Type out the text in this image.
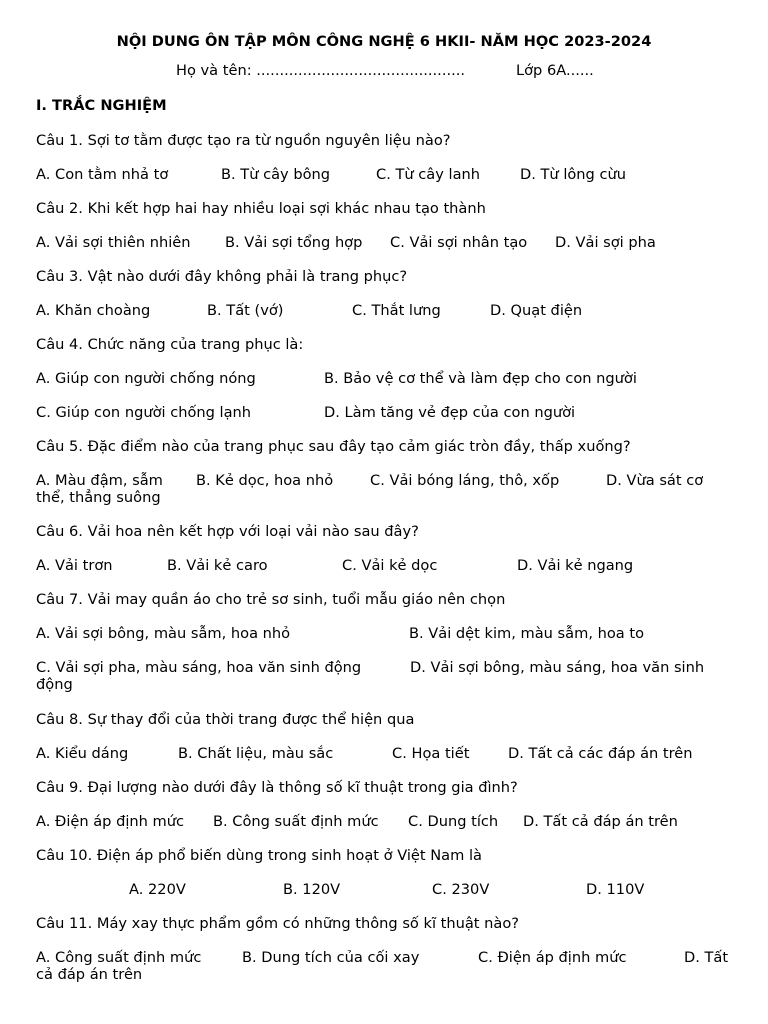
NỘI DUNG ÔN TẬP MÔN CÔNG NGHỆ 6 HKII- NĂM HỌC 2023-2024
Họ và tên: .............................................	Lớp 6A......
I. TRẮC NGHIỆM
Câu 1. Sợi tơ tằm được tạo ra từ nguồn nguyên liệu nào?
A. Con tằm nhả tơ	B. Từ cây bông	C. Từ cây lanh	D. Từ lông cừu
Câu 2. Khi kết hợp hai hay nhiều loại sợi khác nhau tạo thành
A. Vải sợi thiên nhiên B. Vải sợi tổng hợp C. Vải sợi nhân tạo D. Vải sợi pha
Câu 3. Vật nào dưới đây không phải là trang phục?
A. Khăn choàng	B. Tất (vớ)	C. Thắt lưng	D. Quạt điện
Câu 4. Chức năng của trang phục là:
A. Giúp con người chống nóng	B. Bảo vệ cơ thể và làm đẹp cho con người
C. Giúp con người chống lạnh	D. Làm tăng vẻ đẹp của con người
Câu 5. Đặc điểm nào của trang phục sau đây tạo cảm giác tròn đầy, thấp xuống?
A. Màu đậm, sẫm B. Kẻ dọc, hoa nhỏ	C. Vải bóng láng, thô, xốp	D. Vừa sát cơ
thể, thẳng suông
Câu 6. Vải hoa nên kết hợp với loại vải nào sau đây?
A. Vải trơn	B. Vải kẻ caro	C. Vải kẻ dọc	D. Vải kẻ ngang
Câu 7. Vải may quần áo cho trẻ sơ sinh, tuổi mẫu giáo nên chọn
A. Vải sợi bông, màu sẫm, hoa nhỏ	B. Vải dệt kim, màu sẫm, hoa to
C. Vải sợi pha, màu sáng, hoa văn sinh động	D. Vải sợi bông, màu sáng, hoa văn sinh
động
Câu 8. Sự thay đổi của thời trang được thể hiện qua
A. Kiểu dáng	B. Chất liệu, màu sắc	C. Họa tiết	D. Tất cả các đáp án trên
Câu 9. Đại lượng nào dưới đây là thông số kĩ thuật trong gia đình?
A. Điện áp định mức B. Công suất định mức C. Dung tích D. Tất cả đáp án trên
Câu 10. Điện áp phổ biến dùng trong sinh hoạt ở Việt Nam là
A. 220V	B. 120V	C. 230V	D. 110V
Câu 11. Máy xay thực phẩm gồm có những thông số kĩ thuật nào?
A. Công suất định mức	B. Dung tích của cối xay	C. Điện áp định mức	D. Tất
cả đáp án trên
